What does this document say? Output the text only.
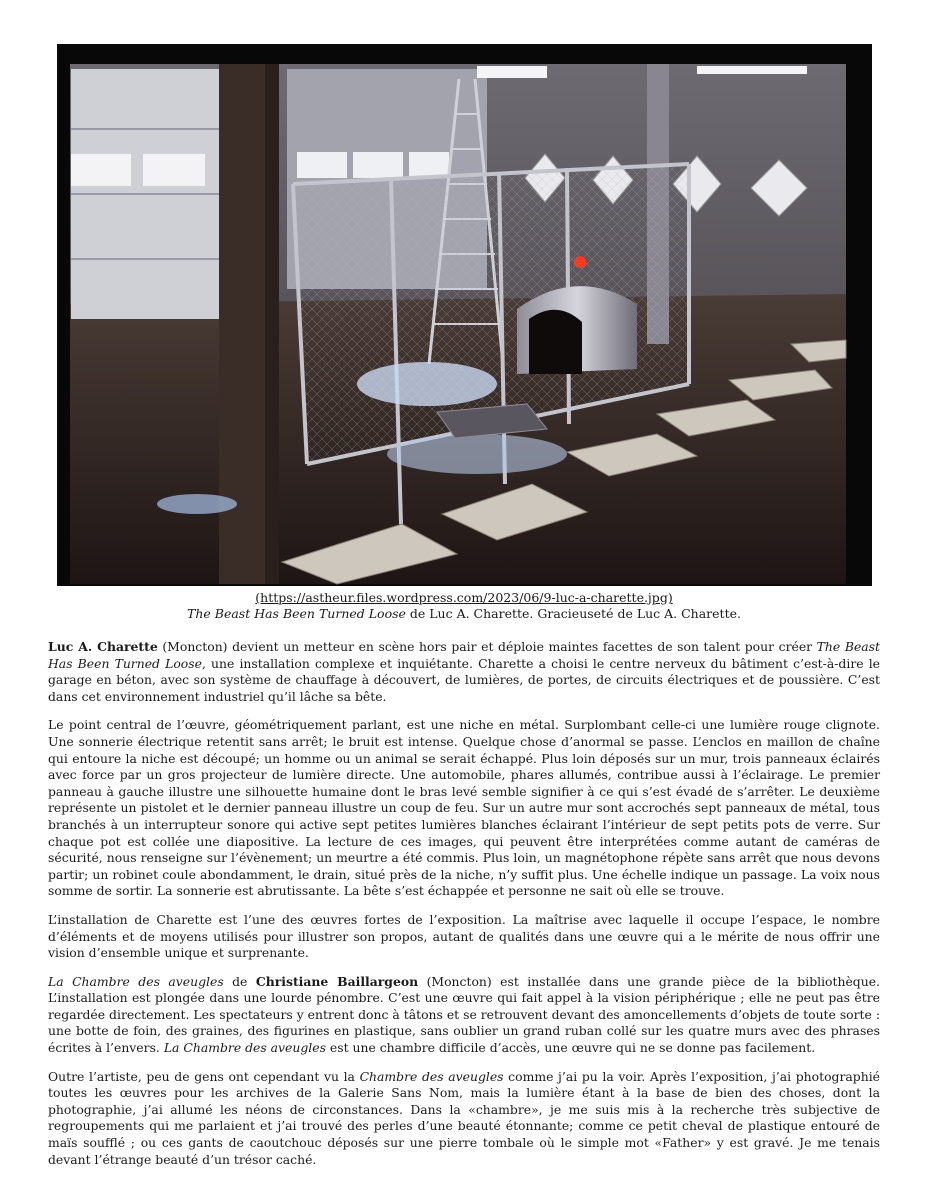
(https://astheur.files.wordpress.com/2023/06/9-luc-a-charette.jpg)
The Beast Has Been Turned Loose de Luc A. Charette. Gracieuseté de Luc A. Charette.

Luc A. Charette (Moncton) devient un metteur en scène hors pair et déploie maintes facettes de son talent pour créer The Beast Has Been Turned Loose, une installation complexe et inquiétante. Charette a choisi le centre nerveux du bâtiment c’est-à-dire le garage en béton, avec son système de chauffage à découvert, de lumières, de portes, de circuits électriques et de poussière. C’est dans cet environnement industriel qu’il lâche sa bête.

Le point central de l’œuvre, géométriquement parlant, est une niche en métal. Surplombant celle-ci une lumière rouge clignote. Une sonnerie électrique retentit sans arrêt; le bruit est intense. Quelque chose d’anormal se passe. L’enclos en maillon de chaîne qui entoure la niche est découpé; un homme ou un animal se serait échappé. Plus loin déposés sur un mur, trois panneaux éclairés avec force par un gros projecteur de lumière directe. Une automobile, phares allumés, contribue aussi à l’éclairage. Le premier panneau à gauche illustre une silhouette humaine dont le bras levé semble signifier à ce qui s’est évadé de s’arrêter. Le deuxième représente un pistolet et le dernier panneau illustre un coup de feu. Sur un autre mur sont accrochés sept panneaux de métal, tous branchés à un interrupteur sonore qui active sept petites lumières blanches éclairant l’intérieur de sept petits pots de verre. Sur chaque pot est collée une diapositive. La lecture de ces images, qui peuvent être interprétées comme autant de caméras de sécurité, nous renseigne sur l’évènement; un meurtre a été commis. Plus loin, un magnétophone répète sans arrêt que nous devons partir; un robinet coule abondamment, le drain, situé près de la niche, n’y suffit plus. Une échelle indique un passage. La voix nous somme de sortir. La sonnerie est abrutissante. La bête s’est échappée et personne ne sait où elle se trouve.

L’installation de Charette est l’une des œuvres fortes de l’exposition. La maîtrise avec laquelle il occupe l’espace, le nombre d’éléments et de moyens utilisés pour illustrer son propos, autant de qualités dans une œuvre qui a le mérite de nous offrir une vision d’ensemble unique et surprenante.

La Chambre des aveugles de Christiane Baillargeon (Moncton) est installée dans une grande pièce de la bibliothèque. L’installation est plongée dans une lourde pénombre. C’est une œuvre qui fait appel à la vision périphérique ; elle ne peut pas être regardée directement. Les spectateurs y entrent donc à tâtons et se retrouvent devant des amoncellements d’objets de toute sorte : une botte de foin, des graines, des figurines en plastique, sans oublier un grand ruban collé sur les quatre murs avec des phrases écrites à l’envers. La Chambre des aveugles est une chambre difficile d’accès, une œuvre qui ne se donne pas facilement.

Outre l’artiste, peu de gens ont cependant vu la Chambre des aveugles comme j’ai pu la voir. Après l’exposition, j’ai photographié toutes les œuvres pour les archives de la Galerie Sans Nom, mais la lumière étant à la base de bien des choses, dont la photographie, j’ai allumé les néons de circonstances. Dans la «chambre», je me suis mis à la recherche très subjective de regroupements qui me parlaient et j’ai trouvé des perles d’une beauté étonnante; comme ce petit cheval de plastique entouré de maïs soufflé ; ou ces gants de caoutchouc déposés sur une pierre tombale où le simple mot «Father» y est gravé. Je me tenais devant l’étrange beauté d’un trésor caché.
